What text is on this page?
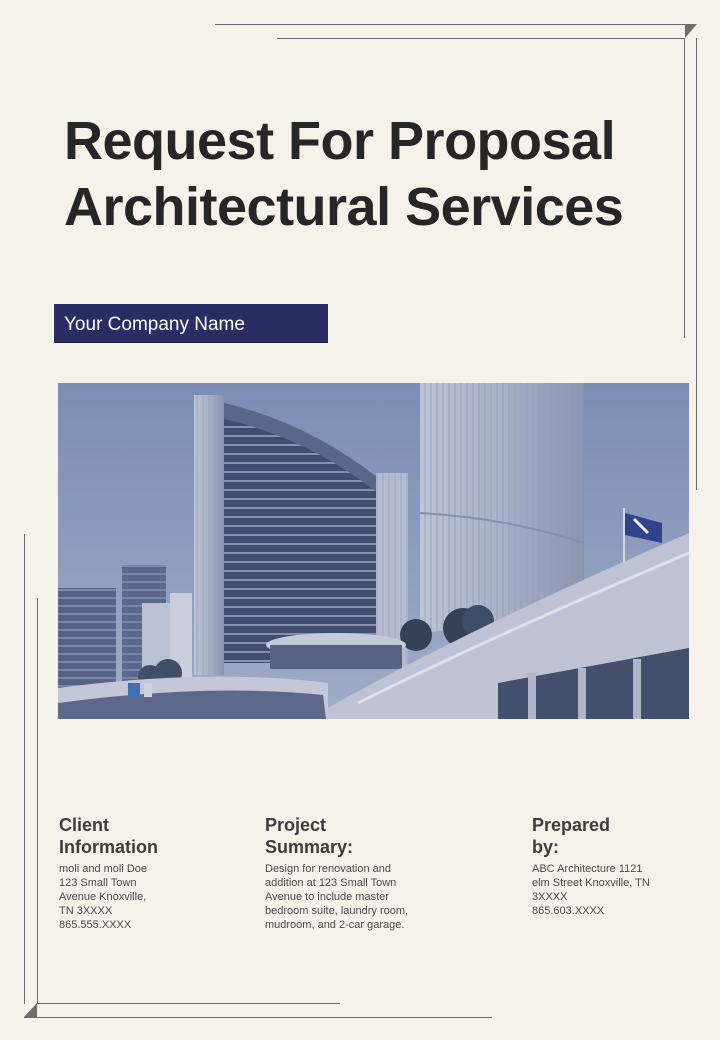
Request For Proposal
Architectural Services
Your Company Name

Client
Information

moli and moli Doe
123 Small Town
Avenue Knoxville,
TN 3XXXX
865.555.XXXX

Project
Summary:

Design for renovation and
addition at 123 Small Town
Avenue to include master
bedroom suite, laundry room,
mudroom, and 2-car garage.

Prepared
by:

ABC Architecture 1121
elm Street Knoxville, TN
3XXXX
865.603.XXXX
